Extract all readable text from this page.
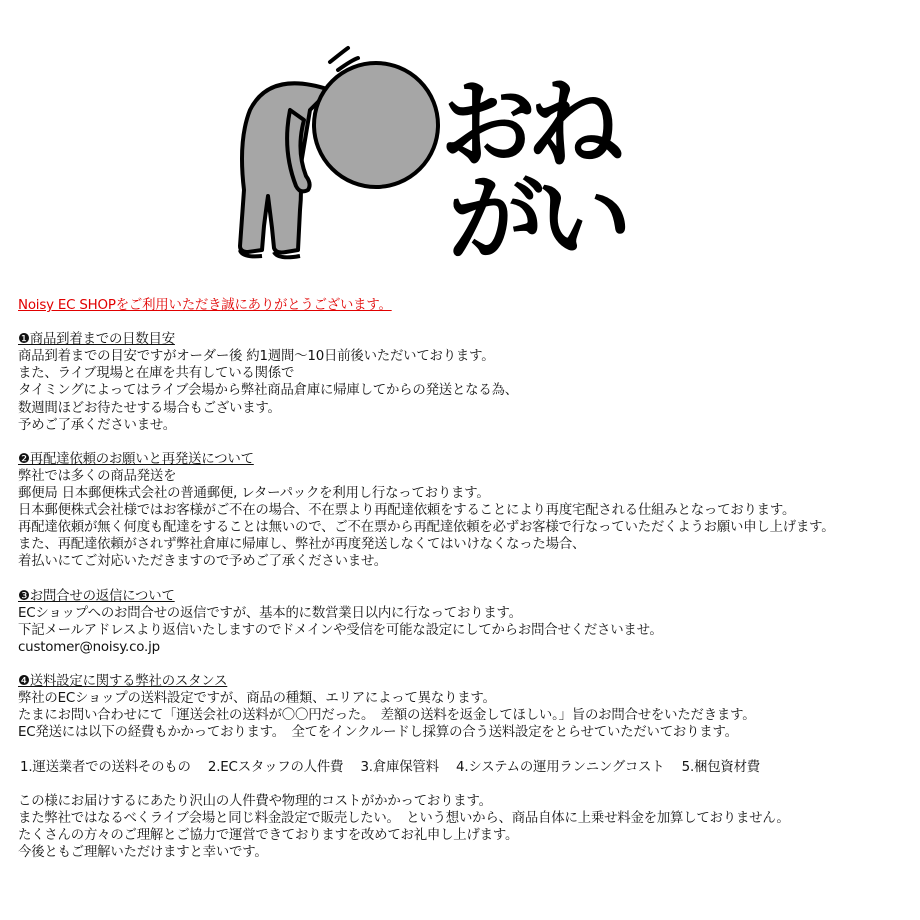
おね
がい
Noisy EC SHOPをご利用いただき誠にありがとうございます。
❶商品到着までの日数目安
商品到着までの目安ですがオーダー後 約1週間〜10日前後いただいております。
また、ライブ現場と在庫を共有している関係で
タイミングによってはライブ会場から弊社商品倉庫に帰庫してからの発送となる為、
数週間ほどお待たせする場合もございます。
予めご了承くださいませ。
❷再配達依頼のお願いと再発送について
弊社では多くの商品発送を
郵便局 日本郵便株式会社の普通郵便, レターパックを利用し行なっております。
日本郵便株式会社様ではお客様がご不在の場合、不在票より再配達依頼をすることにより再度宅配される仕組みとなっております。
再配達依頼が無く何度も配達をすることは無いので、ご不在票から再配達依頼を必ずお客様で行なっていただくようお願い申し上げます。
また、再配達依頼がされず弊社倉庫に帰庫し、弊社が再度発送しなくてはいけなくなった場合、
着払いにてご対応いただきますので予めご了承くださいませ。
❸お問合せの返信について
ECショップへのお問合せの返信ですが、基本的に数営業日以内に行なっております。
下記メールアドレスより返信いたしますのでドメインや受信を可能な設定にしてからお問合せくださいませ。
customer@noisy.co.jp
❹送料設定に関する弊社のスタンス
弊社のECショップの送料設定ですが、商品の種類、エリアによって異なります。
たまにお問い合わせにて「運送会社の送料が〇〇円だった。　差額の送料を返金してほしい。」旨のお問合せをいただきます。
EC発送には以下の経費もかかっております。　全てをインクルードし採算の合う送料設定をとらせていただいております。
1.運送業者での送料そのもの　 2.ECスタッフの人件費　 3.倉庫保管料　 4.システムの運用ランニングコスト　 5.梱包資材費
この様にお届けするにあたり沢山の人件費や物理的コストがかかっております。
また弊社ではなるべくライブ会場と同じ料金設定で販売したい。　という想いから、商品自体に上乗せ料金を加算しておりません。
たくさんの方々のご理解とご協力で運営できておりますを改めてお礼申し上げます。
今後ともご理解いただけますと幸いです。
